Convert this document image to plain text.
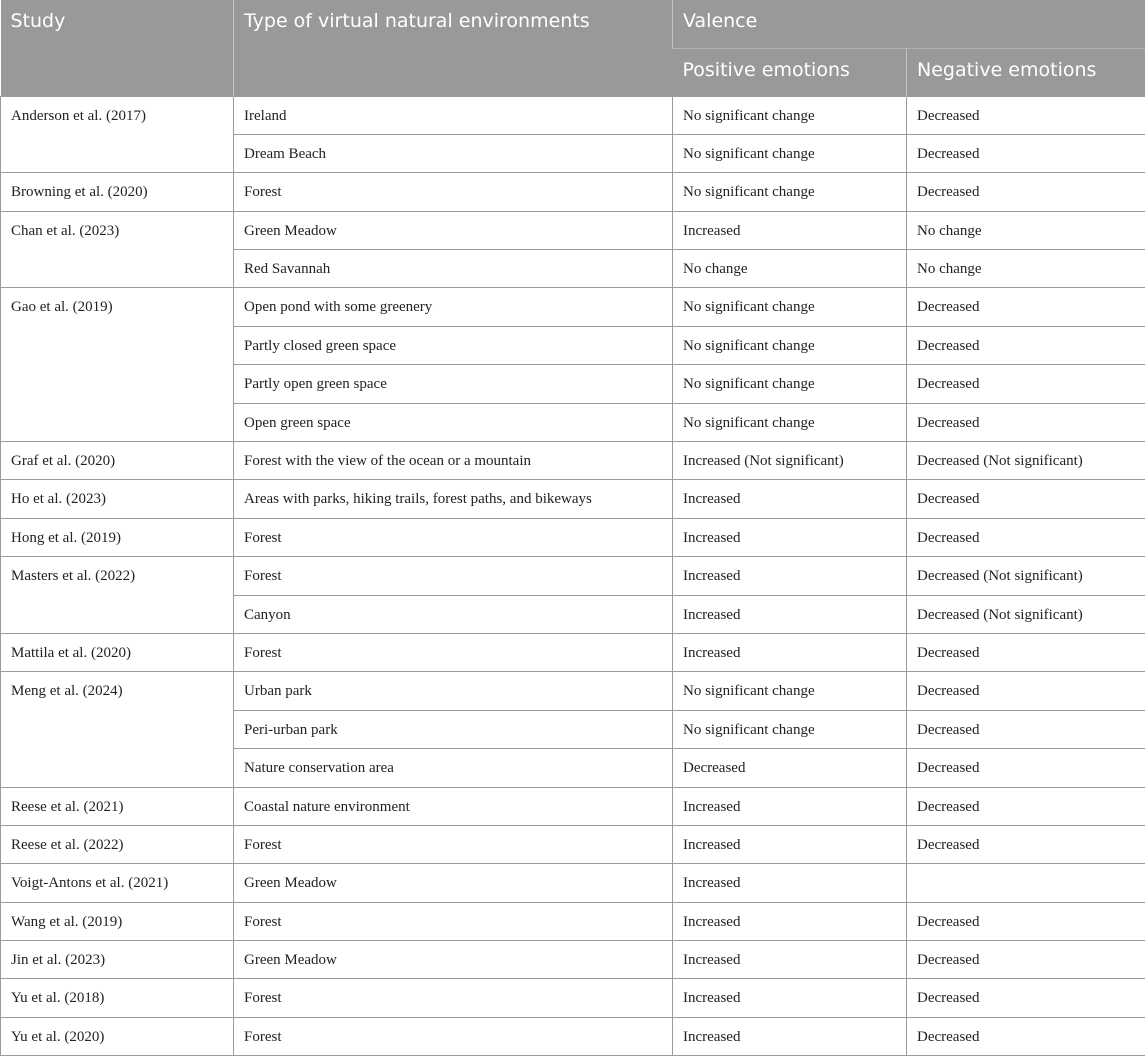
Study	Type of virtual natural environments	Valence	
		Positive emotions	Negative emotions
Anderson et al. (2017)	Ireland	No significant change	Decreased
	Dream Beach	No significant change	Decreased
Browning et al. (2020)	Forest	No significant change	Decreased
Chan et al. (2023)	Green Meadow	Increased	No change
	Red Savannah	No change	No change
Gao et al. (2019)	Open pond with some greenery	No significant change	Decreased
	Partly closed green space	No significant change	Decreased
	Partly open green space	No significant change	Decreased
	Open green space	No significant change	Decreased
Graf et al. (2020)	Forest with the view of the ocean or a mountain	Increased (Not significant)	Decreased (Not significant)
Ho et al. (2023)	Areas with parks, hiking trails, forest paths, and bikeways	Increased	Decreased
Hong et al. (2019)	Forest	Increased	Decreased
Masters et al. (2022)	Forest	Increased	Decreased (Not significant)
	Canyon	Increased	Decreased (Not significant)
Mattila et al. (2020)	Forest	Increased	Decreased
Meng et al. (2024)	Urban park	No significant change	Decreased
	Peri-urban park	No significant change	Decreased
	Nature conservation area	Decreased	Decreased
Reese et al. (2021)	Coastal nature environment	Increased	Decreased
Reese et al. (2022)	Forest	Increased	Decreased
Voigt-Antons et al. (2021)	Green Meadow	Increased	
Wang et al. (2019)	Forest	Increased	Decreased
Jin et al. (2023)	Green Meadow	Increased	Decreased
Yu et al. (2018)	Forest	Increased	Decreased
Yu et al. (2020)	Forest	Increased	Decreased
